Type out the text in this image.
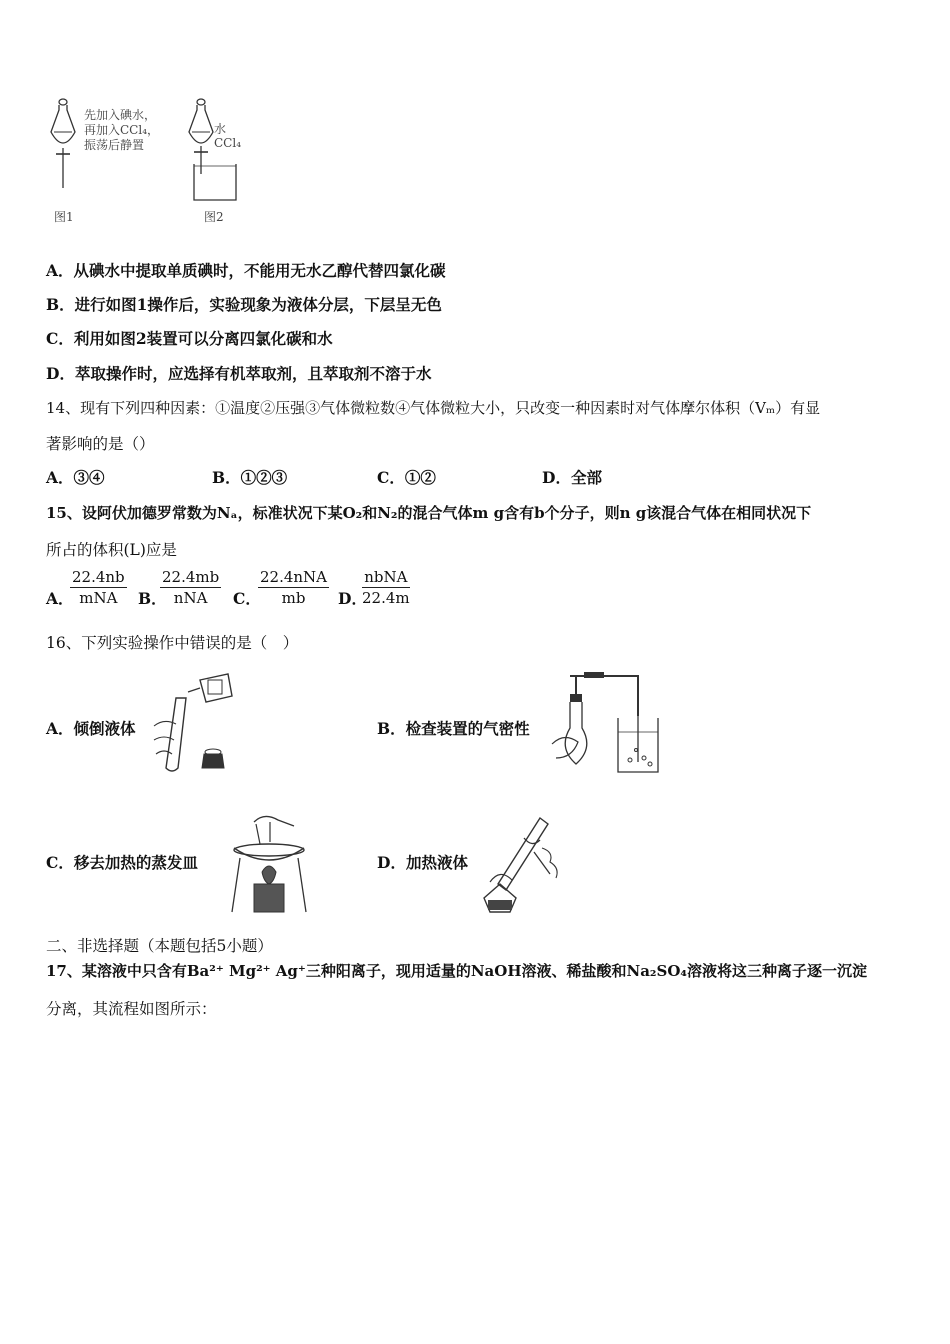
先加入碘水，
再加入CCl₄，
振荡后静置
图1
水
CCl₄
图2
A．从碘水中提取单质碘时，不能用无水乙醇代替四氯化碳
B．进行如图1操作后，实验现象为液体分层，下层呈无色
C．利用如图2装置可以分离四氯化碳和水
D．萃取操作时，应选择有机萃取剂，且萃取剂不溶于水
14、现有下列四种因素：①温度②压强③气体微粒数④气体微粒大小，只改变一种因素时对气体摩尔体积（Vₘ）有显
著影响的是（）
A．③④	B．①②③	C．①②	D．全部
15、设阿伏加德罗常数为Nₐ，标准状况下某O₂和N₂的混合气体m g含有b个分子，则n g该混合气体在相同状况下
所占的体积(L)应是
A．
22.4nb
mNA	B．
22.4mb
nNA	C．
22.4nNA
mb	D．
nbNA
22.4m
16、下列实验操作中错误的是（　）
A．倾倒液体	B．检查装置的气密性
C．移去加热的蒸发皿	D．加热液体
二、非选择题（本题包括5小题）
17、某溶液中只含有Ba²⁺ Mg²⁺ Ag⁺三种阳离子，现用适量的NaOH溶液、稀盐酸和Na₂SO₄溶液将这三种离子逐一沉淀
分离，其流程如图所示：
